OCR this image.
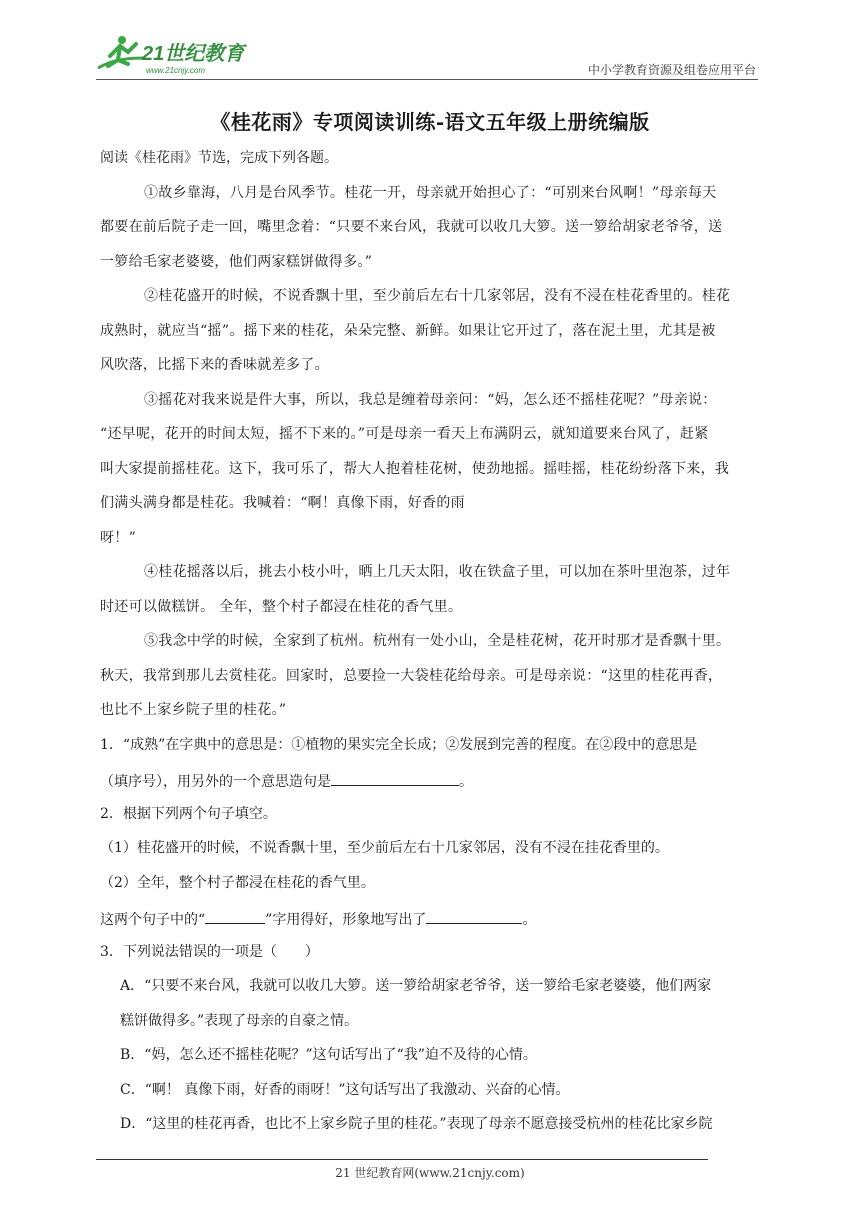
21世纪教育
www.21cnjy.com	中小学教育资源及组卷应用平台
《桂花雨》专项阅读训练-语文五年级上册统编版
阅读《桂花雨》节选，完成下列各题。
①故乡靠海，八月是台风季节。桂花一开，母亲就开始担心了：“可别来台风啊！”母亲每天
都要在前后院子走一回，嘴里念着：“只要不来台风，我就可以收几大箩。送一箩给胡家老爷爷，送
一箩给毛家老婆婆，他们两家糕饼做得多。”
②桂花盛开的时候，不说香飘十里，至少前后左右十几家邻居，没有不浸在桂花香里的。桂花
成熟时，就应当“摇”。摇下来的桂花，朵朵完整、新鲜。如果让它开过了，落在泥土里，尤其是被
风吹落，比摇下来的香味就差多了。
③摇花对我来说是件大事，所以，我总是缠着母亲问：“妈，怎么还不摇桂花呢？”母亲说：
“还早呢，花开的时间太短，摇不下来的。”可是母亲一看天上布满阴云，就知道要来台风了，赶紧
叫大家提前摇桂花。这下，我可乐了，帮大人抱着桂花树，使劲地摇。摇哇摇，桂花纷纷落下来，我
们满头满身都是桂花。我喊着：“啊！真像下雨，好香的雨
呀！”
④桂花摇落以后，挑去小枝小叶，晒上几天太阳，收在铁盒子里，可以加在茶叶里泡茶，过年
时还可以做糕饼。 全年，整个村子都浸在桂花的香气里。
⑤我念中学的时候，全家到了杭州。杭州有一处小山，全是桂花树，花开时那才是香飘十里。
秋天，我常到那儿去赏桂花。回家时，总要捡一大袋桂花给母亲。可是母亲说：“这里的桂花再香，
也比不上家乡院子里的桂花。”
1．“成熟”在字典中的意思是：①植物的果实完全长成；②发展到完善的程度。在②段中的意思是
（填序号），用另外的一个意思造句是	。
2．根据下列两个句子填空。
（1）桂花盛开的时候，不说香飘十里，至少前后左右十几家邻居，没有不浸在挂花香里的。
（2）全年，整个村子都浸在桂花的香气里。
这两个句子中的“	”字用得好，形象地写出了	。
3．下列说法错误的一项是（　　）
A．“只要不来台风，我就可以收几大箩。送一箩给胡家老爷爷，送一箩给毛家老婆婆，他们两家
糕饼做得多。”表现了母亲的自豪之情。
B．“妈，怎么还不摇桂花呢？”这句话写出了“我”迫不及待的心情。
C．“啊！ 真像下雨，好香的雨呀！”这句话写出了我激动、兴奋的心情。
D．“这里的桂花再香，也比不上家乡院子里的桂花。”表现了母亲不愿意接受杭州的桂花比家乡院
21 世纪教育网(www.21cnjy.com)
